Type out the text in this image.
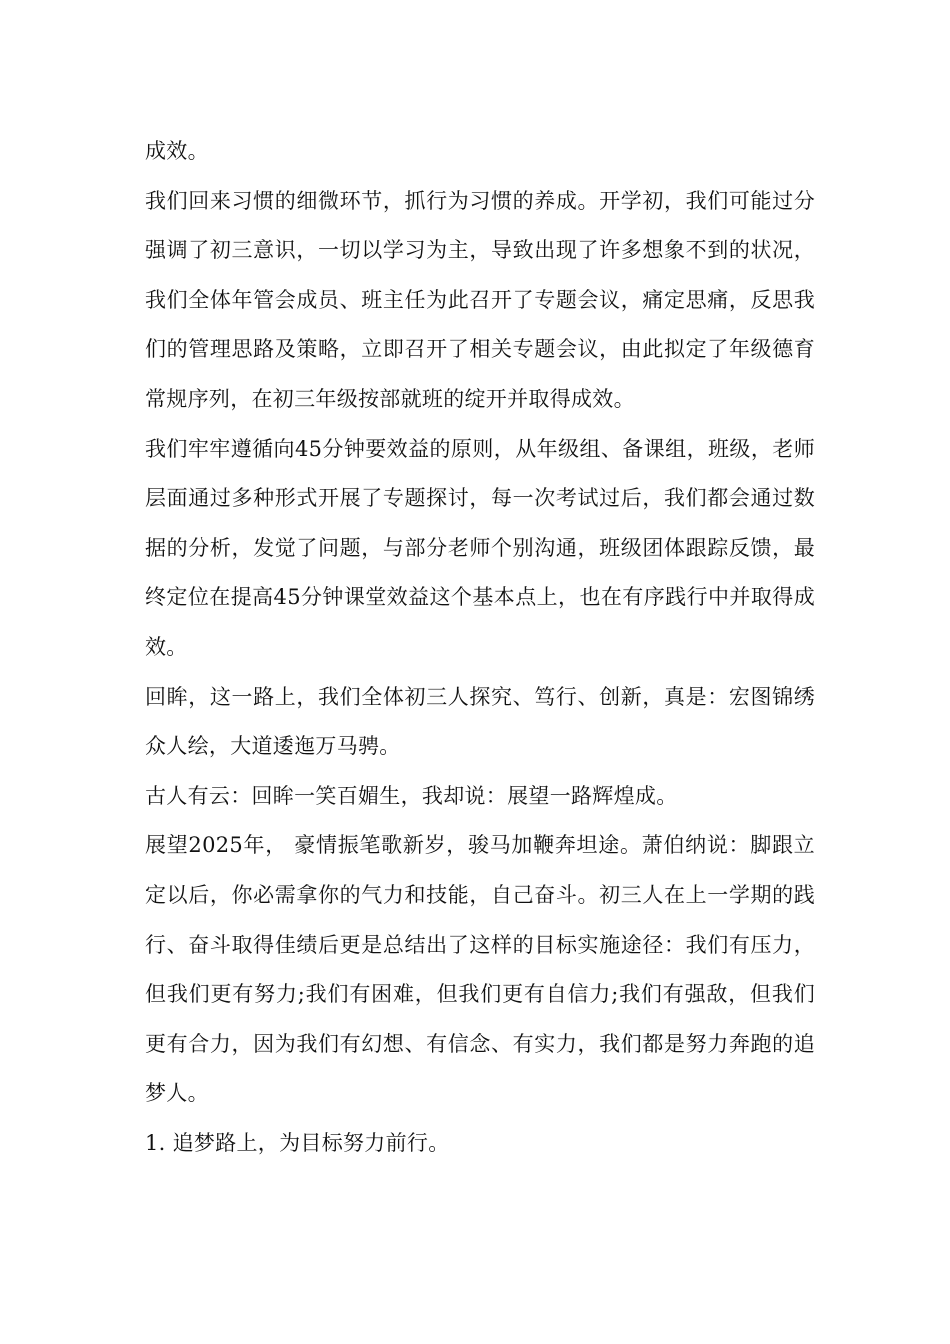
成效。

我们回来习惯的细微环节，抓行为习惯的养成。开学初，我们可能过分强调了初三意识，一切以学习为主，导致出现了许多想象不到的状况，我们全体年管会成员、班主任为此召开了专题会议，痛定思痛，反思我们的管理思路及策略，立即召开了相关专题会议，由此拟定了年级德育常规序列，在初三年级按部就班的绽开并取得成效。

我们牢牢遵循向45分钟要效益的原则，从年级组、备课组，班级，老师层面通过多种形式开展了专题探讨，每一次考试过后，我们都会通过数据的分析，发觉了问题，与部分老师个别沟通，班级团体跟踪反馈，最终定位在提高45分钟课堂效益这个基本点上，也在有序践行中并取得成效。

回眸，这一路上，我们全体初三人探究、笃行、创新，真是：宏图锦绣众人绘，大道逶迤万马骋。

古人有云：回眸一笑百媚生，我却说：展望一路辉煌成。

展望2025年， 豪情振笔歌新岁，骏马加鞭奔坦途。萧伯纳说：脚跟立定以后，你必需拿你的气力和技能，自己奋斗。初三人在上一学期的践行、奋斗取得佳绩后更是总结出了这样的目标实施途径：我们有压力，但我们更有努力;我们有困难，但我们更有自信力;我们有强敌，但我们更有合力，因为我们有幻想、有信念、有实力，我们都是努力奔跑的追梦人。

1. 追梦路上，为目标努力前行。
